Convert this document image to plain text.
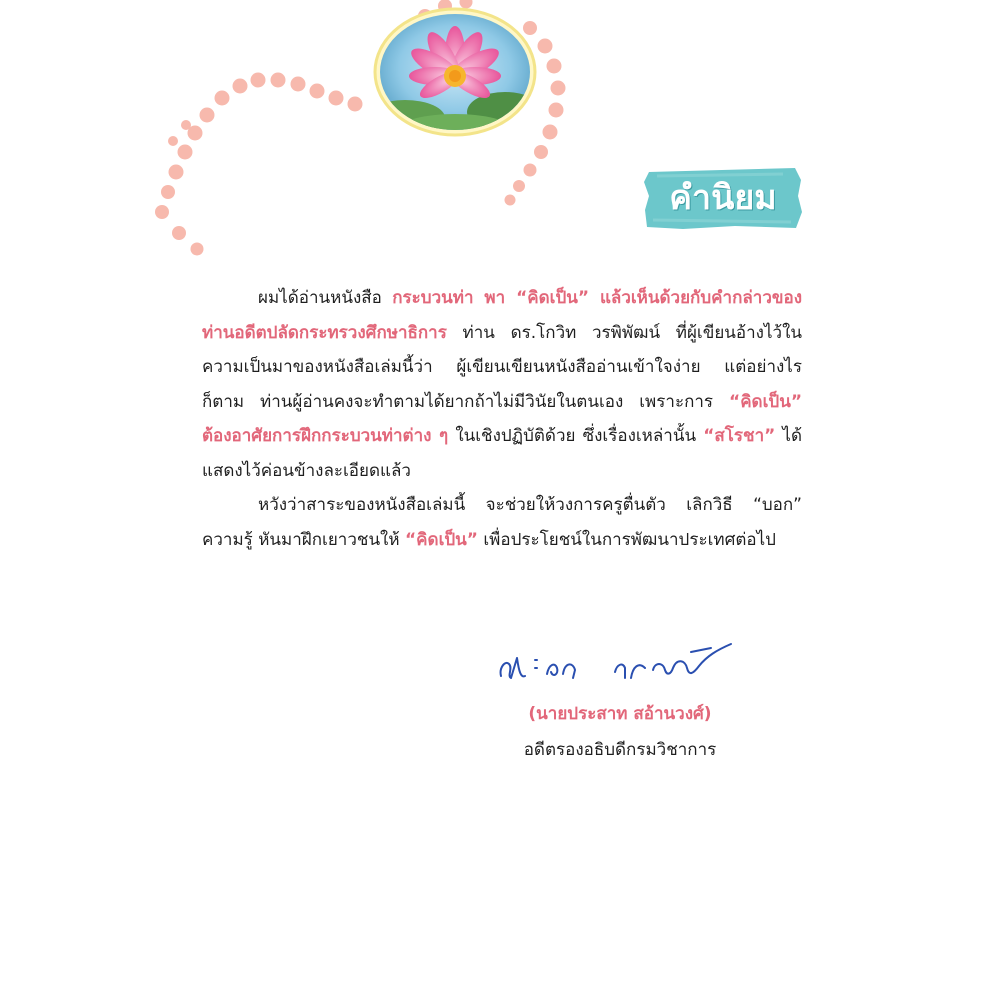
คำนิยม

ผมได้อ่านหนังสือ กระบวนท่า พา “คิดเป็น” แล้วเห็นด้วยกับคำกล่าวของท่านอดีตปลัดกระทรวงศึกษาธิการ ท่าน ดร.โกวิท วรพิพัฒน์ ที่ผู้เขียนอ้างไว้ในความเป็นมาของหนังสือเล่มนี้ว่า ผู้เขียนเขียนหนังสืออ่านเข้าใจง่าย แต่อย่างไรก็ตาม ท่านผู้อ่านคงจะทำตามได้ยากถ้าไม่มีวินัยในตนเอง เพราะการ “คิดเป็น” ต้องอาศัยการฝึกกระบวนท่าต่าง ๆ ในเชิงปฏิบัติด้วย ซึ่งเรื่องเหล่านั้น “สโรชา” ได้แสดงไว้ค่อนข้างละเอียดแล้ว

หวังว่าสาระของหนังสือเล่มนี้ จะช่วยให้วงการครูตื่นตัว เลิกวิธี “บอก” ความรู้ หันมาฝึกเยาวชนให้ “คิดเป็น” เพื่อประโยชน์ในการพัฒนาประเทศต่อไป

(นายประสาท สอ้านวงศ์)
อดีตรองอธิบดีกรมวิชาการ
